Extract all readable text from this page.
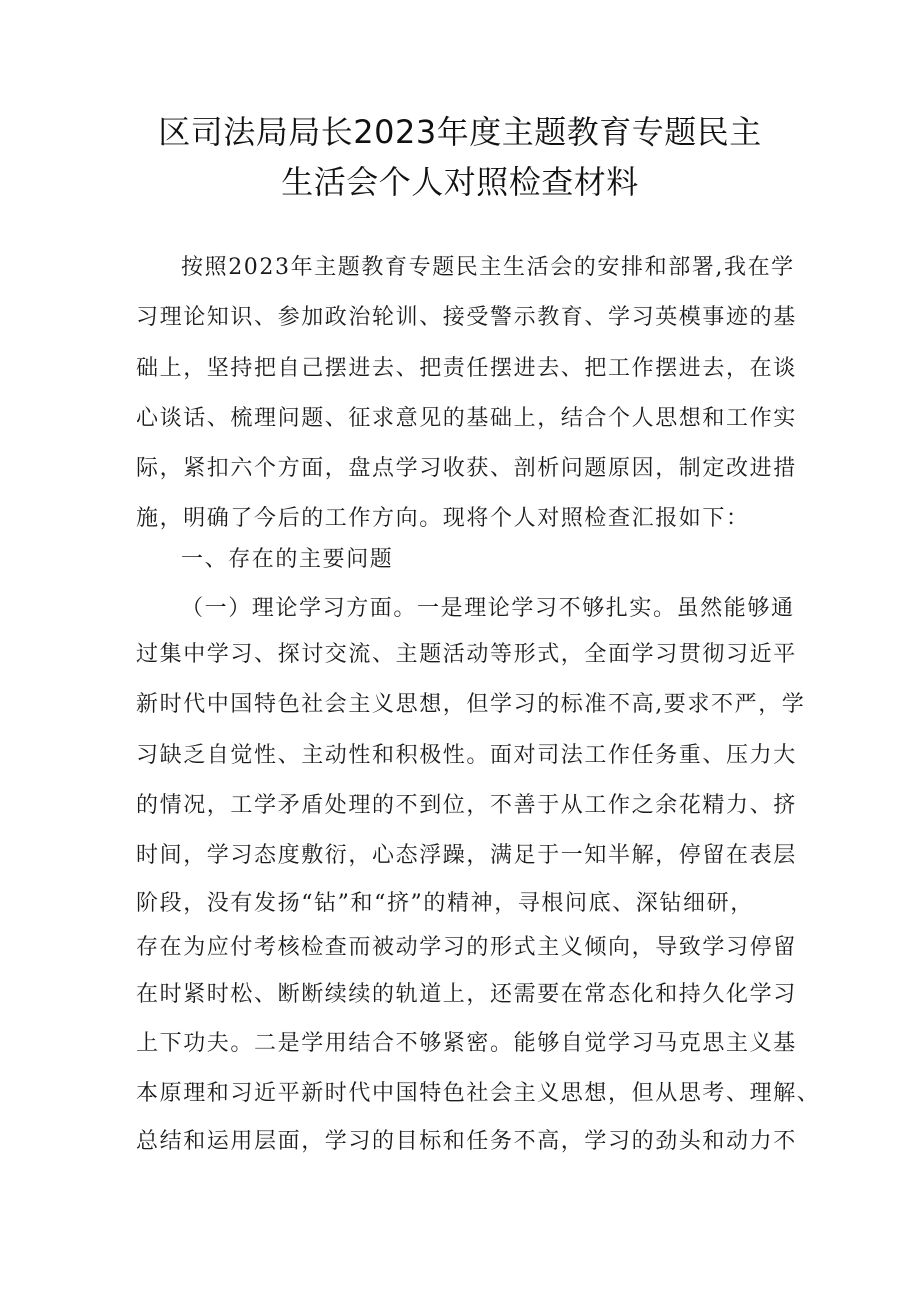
区司法局局长2023年度主题教育专题民主
生活会个人对照检查材料
按照2023年主题教育专题民主生活会的安排和部署,我在学
习理论知识、参加政治轮训、接受警示教育、学习英模事迹的基
础上，坚持把自己摆进去、把责任摆进去、把工作摆进去，在谈
心谈话、梳理问题、征求意见的基础上，结合个人思想和工作实
际，紧扣六个方面，盘点学习收获、剖析问题原因，制定改进措
施，明确了今后的工作方向。现将个人对照检查汇报如下：
一、存在的主要问题
（一）理论学习方面。一是理论学习不够扎实。虽然能够通
过集中学习、探讨交流、主题活动等形式，全面学习贯彻习近平
新时代中国特色社会主义思想，但学习的标准不高,要求不严，学
习缺乏自觉性、主动性和积极性。面对司法工作任务重、压力大
的情况，工学矛盾处理的不到位，不善于从工作之余花精力、挤
时间，学习态度敷衍，心态浮躁，满足于一知半解，停留在表层
阶段，没有发扬“钻”和“挤”的精神，寻根问底、深钻细研，
存在为应付考核检查而被动学习的形式主义倾向，导致学习停留
在时紧时松、断断续续的轨道上，还需要在常态化和持久化学习
上下功夫。二是学用结合不够紧密。能够自觉学习马克思主义基
本原理和习近平新时代中国特色社会主义思想，但从思考、理解、
总结和运用层面，学习的目标和任务不高，学习的劲头和动力不
